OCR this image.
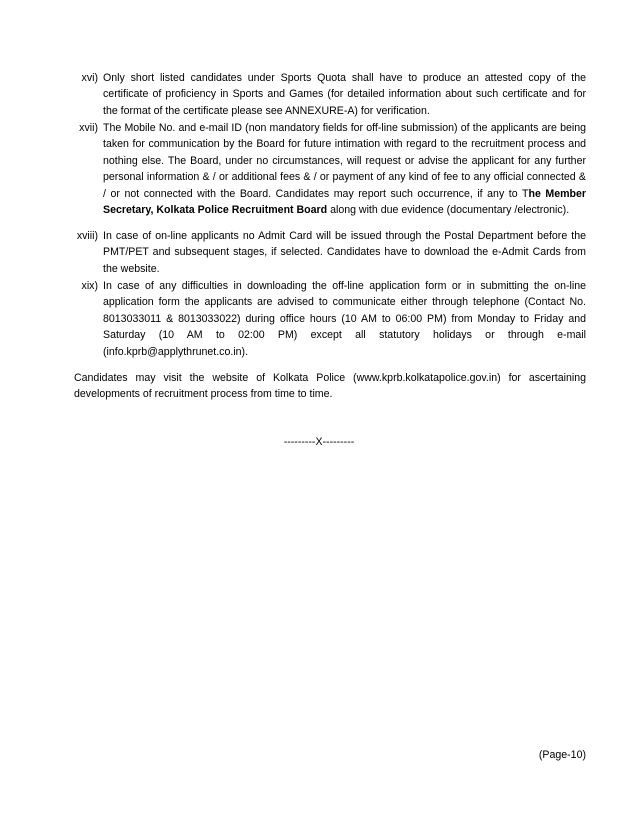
xvi) Only short listed candidates under Sports Quota shall have to produce an attested copy of the certificate of proficiency in Sports and Games (for detailed information about such certificate and for the format of the certificate please see ANNEXURE-A) for verification.
xvii) The Mobile No. and e-mail ID (non mandatory fields for off-line submission) of the applicants are being taken for communication by the Board for future intimation with regard to the recruitment process and nothing else. The Board, under no circumstances, will request or advise the applicant for any further personal information & / or additional fees & / or payment of any kind of fee to any official connected & / or not connected with the Board. Candidates may report such occurrence, if any to The Member Secretary, Kolkata Police Recruitment Board along with due evidence (documentary /electronic).
xviii) In case of on-line applicants no Admit Card will be issued through the Postal Department before the PMT/PET and subsequent stages, if selected. Candidates have to download the e-Admit Cards from the website.
xix) In case of any difficulties in downloading the off-line application form or in submitting the on-line application form the applicants are advised to communicate either through telephone (Contact No. 8013033011 & 8013033022) during office hours (10 AM to 06:00 PM) from Monday to Friday and Saturday (10 AM to 02:00 PM) except all statutory holidays or through e-mail (info.kprb@applythrunet.co.in).
Candidates may visit the website of Kolkata Police (www.kprb.kolkatapolice.gov.in) for ascertaining developments of recruitment process from time to time.
---------X---------
(Page-10)
